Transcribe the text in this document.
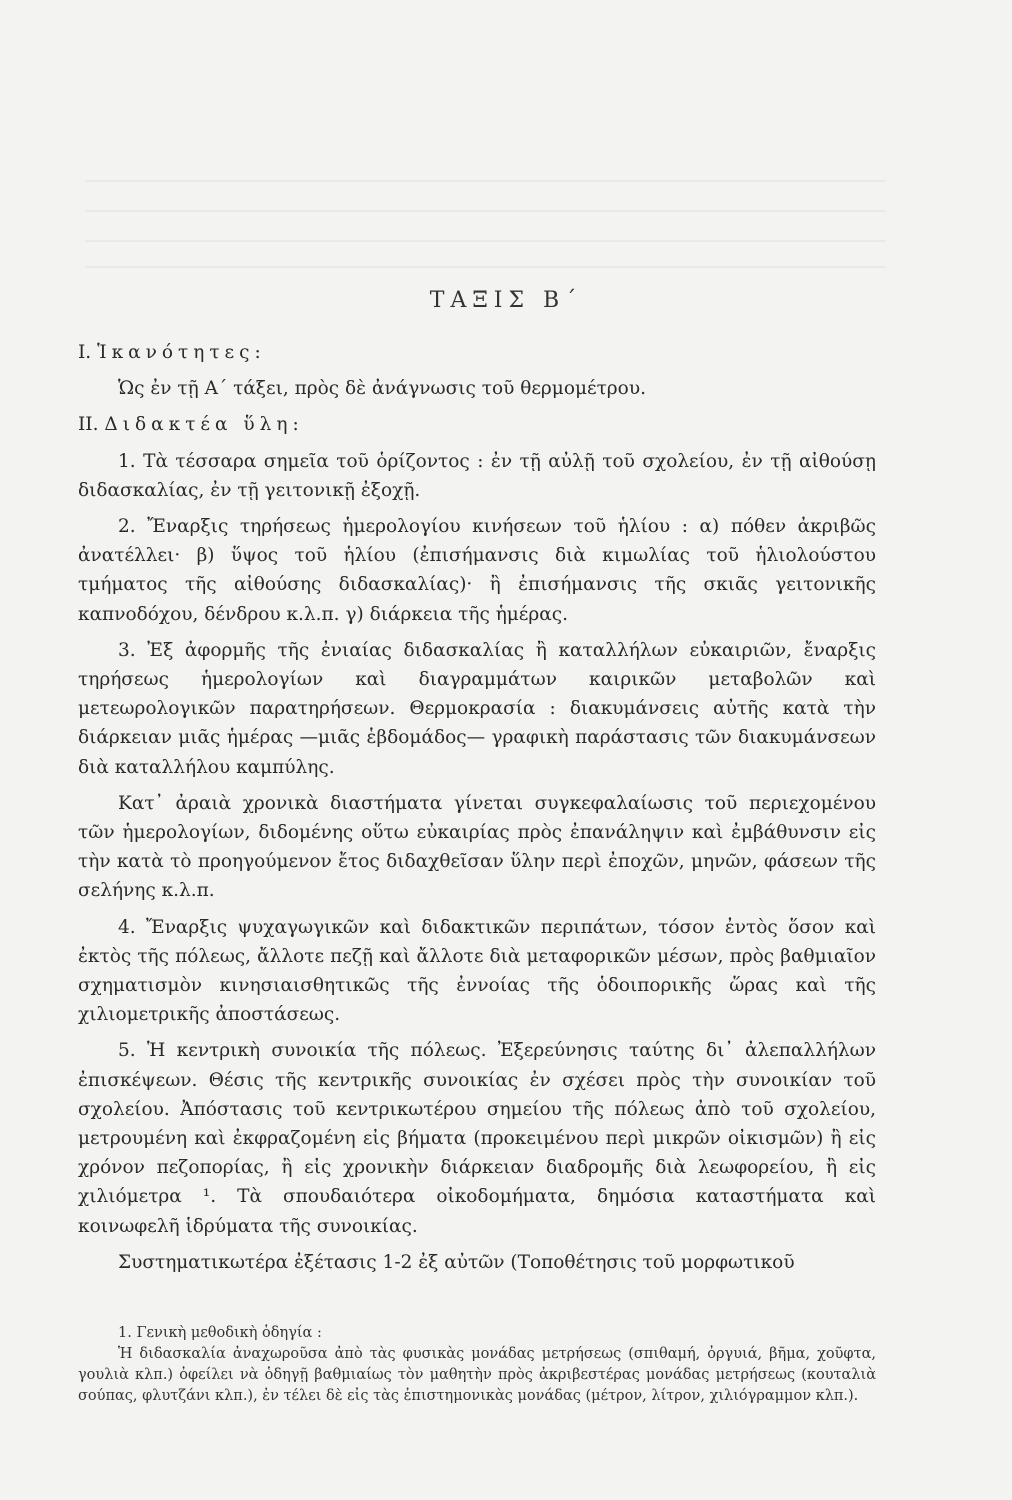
ΤΑΞΙΣ Β΄

Ι. Ἱκανότητες:

Ὡς ἐν τῇ Α΄ τάξει, πρὸς δὲ ἀνάγνωσις τοῦ θερμομέτρου.

ΙΙ. Διδακτέα ὕλη:

1. Τὰ τέσσαρα σημεῖα τοῦ ὁρίζοντος : ἐν τῇ αὐλῇ τοῦ σχολείου, ἐν τῇ αἰθούσῃ διδασκαλίας, ἐν τῇ γειτονικῇ ἐξοχῇ.

2. Ἔναρξις τηρήσεως ἡμερολογίου κινήσεων τοῦ ἡλίου : α) πόθεν ἀκριβῶς ἀνατέλλει· β) ὕψος τοῦ ἡλίου (ἐπισήμανσις διὰ κιμωλίας τοῦ ἡλιολούστου τμήματος τῆς αἰθούσης διδασκαλίας)· ἢ ἐπισήμανσις τῆς σκιᾶς γειτονικῆς καπνοδόχου, δένδρου κ.λ.π. γ) διάρκεια τῆς ἡμέρας.

3. Ἐξ ἀφορμῆς τῆς ἐνιαίας διδασκαλίας ἢ καταλλήλων εὐκαιριῶν, ἔναρξις τηρήσεως ἡμερολογίων καὶ διαγραμμάτων καιρικῶν μεταβολῶν καὶ μετεωρολογικῶν παρατηρήσεων. Θερμοκρασία : διακυμάνσεις αὐτῆς κατὰ τὴν διάρκειαν μιᾶς ἡμέρας —μιᾶς ἑβδομάδος— γραφικὴ παράστασις τῶν διακυμάνσεων διὰ καταλλήλου καμπύλης.

Κατ᾽ ἀραιὰ χρονικὰ διαστήματα γίνεται συγκεφαλαίωσις τοῦ περιεχομένου τῶν ἡμερολογίων, διδομένης οὕτω εὐκαιρίας πρὸς ἐπανάληψιν καὶ ἐμβάθυνσιν εἰς τὴν κατὰ τὸ προηγούμενον ἔτος διδαχθεῖσαν ὕλην περὶ ἐποχῶν, μηνῶν, φάσεων τῆς σελήνης κ.λ.π.

4. Ἔναρξις ψυχαγωγικῶν καὶ διδακτικῶν περιπάτων, τόσον ἐντὸς ὅσον καὶ ἐκτὸς τῆς πόλεως, ἄλλοτε πεζῇ καὶ ἄλλοτε διὰ μεταφορικῶν μέσων, πρὸς βαθμιαῖον σχηματισμὸν κινησιαισθητικῶς τῆς ἐννοίας τῆς ὁδοιπορικῆς ὥρας καὶ τῆς χιλιομετρικῆς ἀποστάσεως.

5. Ἡ κεντρικὴ συνοικία τῆς πόλεως. Ἐξερεύνησις ταύτης δι᾽ ἀλεπαλλήλων ἐπισκέψεων. Θέσις τῆς κεντρικῆς συνοικίας ἐν σχέσει πρὸς τὴν συνοικίαν τοῦ σχολείου. Ἀπόστασις τοῦ κεντρικωτέρου σημείου τῆς πόλεως ἀπὸ τοῦ σχολείου, μετρουμένη καὶ ἐκφραζομένη εἰς βήματα (προκειμένου περὶ μικρῶν οἰκισμῶν) ἢ εἰς χρόνον πεζοπορίας, ἢ εἰς χρονικὴν διάρκειαν διαδρομῆς διὰ λεωφορείου, ἢ εἰς χιλιόμετρα ¹. Τὰ σπουδαιότερα οἰκοδομήματα, δημόσια καταστήματα καὶ κοινωφελῆ ἱδρύματα τῆς συνοικίας.

Συστηματικωτέρα ἐξέτασις 1-2 ἐξ αὐτῶν (Τοποθέτησις τοῦ μορφωτικοῦ

1. Γενικὴ μεθοδικὴ ὁδηγία :

Ἡ διδασκαλία ἀναχωροῦσα ἀπὸ τὰς φυσικὰς μονάδας μετρήσεως (σπιθαμή, ὀργυιά, βῆμα, χοῦφτα, γουλιὰ κλπ.) ὀφείλει νὰ ὁδηγῇ βαθμιαίως τὸν μαθητὴν πρὸς ἀκριβεστέρας μονάδας μετρήσεως (κουταλιὰ σούπας, φλυτζάνι κλπ.), ἐν τέλει δὲ εἰς τὰς ἐπιστημονικὰς μονάδας (μέτρον, λίτρον, χιλιόγραμμον κλπ.).
